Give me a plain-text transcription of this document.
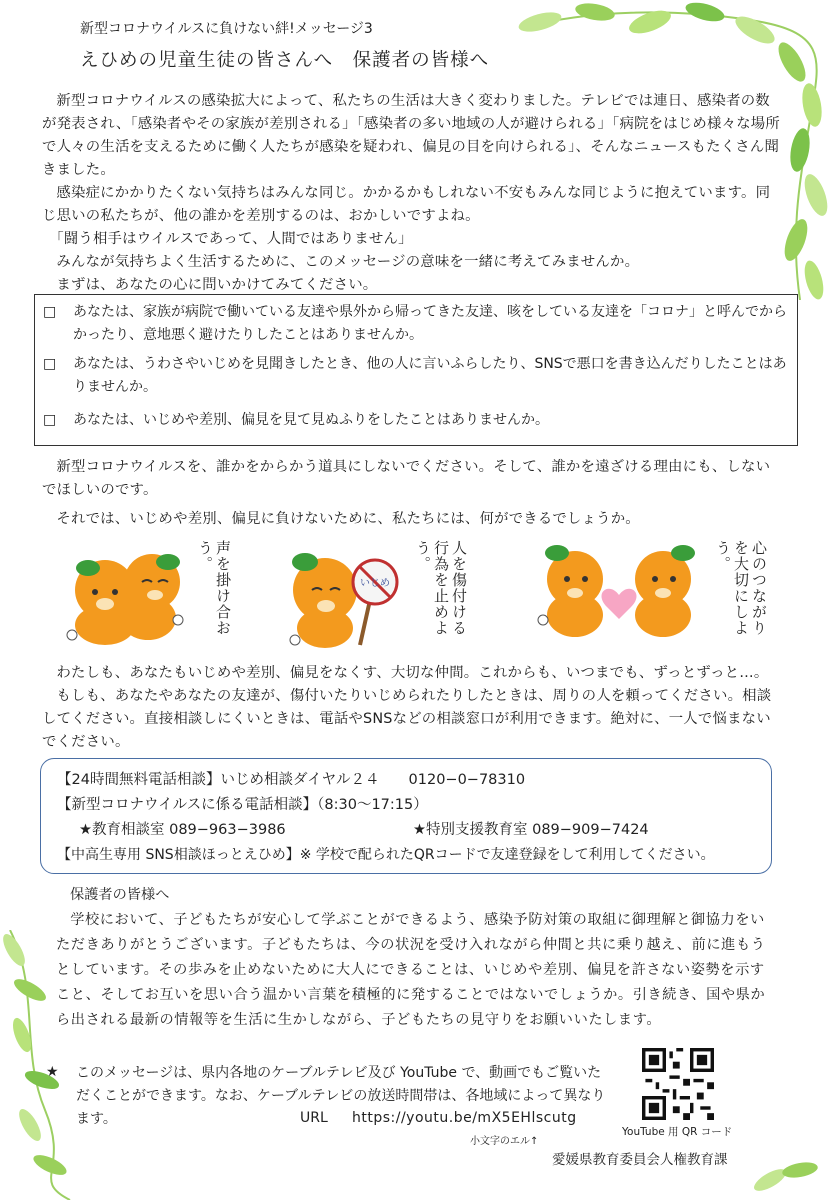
新型コロナウイルスに負けない絆!メッセージ3
えひめの児童生徒の皆さんへ　保護者の皆様へ

新型コロナウイルスの感染拡大によって、私たちの生活は大きく変わりました。テレビでは連日、感染者の数が発表され、「感染者やその家族が差別される」「感染者の多い地域の人が避けられる」「病院をはじめ様々な場所で人々の生活を支えるために働く人たちが感染を疑われ、偏見の目を向けられる」、そんなニュースもたくさん聞きました。

感染症にかかりたくない気持ちはみんな同じ。かかるかもしれない不安もみんな同じように抱えています。同じ思いの私たちが、他の誰かを差別するのは、おかしいですよね。

「闘う相手はウイルスであって、人間ではありません」

みんなが気持ちよく生活するために、このメッセージの意味を一緒に考えてみませんか。

まずは、あなたの心に問いかけてみてください。

□	あなたは、家族が病院で働いている友達や県外から帰ってきた友達、咳をしている友達を「コロナ」と呼んでからかったり、意地悪く避けたりしたことはありませんか。
□	あなたは、うわさやいじめを見聞きしたとき、他の人に言いふらしたり、SNSで悪口を書き込んだりしたことはありませんか。
□	あなたは、いじめや差別、偏見を見て見ぬふりをしたことはありませんか。

新型コロナウイルスを、誰かをからかう道具にしないでください。そして、誰かを遠ざける理由にも、しないでほしいのです。

それでは、いじめや差別、偏見に負けないために、私たちには、何ができるでしょうか。

声を掛け合おう。
いじめ	人を傷付ける行為を止めよう。	心のつながりを大切にしよう。

わたしも、あなたもいじめや差別、偏見をなくす、大切な仲間。これからも、いつまでも、ずっとずっと…。

もしも、あなたやあなたの友達が、傷付いたりいじめられたりしたときは、周りの人を頼ってください。相談してください。直接相談しにくいときは、電話やSNSなどの相談窓口が利用できます。絶対に、一人で悩まないでください。

【24時間無料電話相談】いじめ相談ダイヤル２４　　0120−0−78310
【新型コロナウイルスに係る電話相談】（8:30〜17:15）
★教育相談室 089−963−3986	★特別支援教育室 089−909−7424
【中高生専用 SNS相談ほっとえひめ】※ 学校で配られたQRコードで友達登録をして利用してください。
保護者の皆様へ
学校において、子どもたちが安心して学ぶことができるよう、感染予防対策の取組に御理解と御協力をいただきありがとうございます。子どもたちは、今の状況を受け入れながら仲間と共に乗り越え、前に進もうとしています。その歩みを止めないために大人にできることは、いじめや差別、偏見を許さない姿勢を示すこと、そしてお互いを思い合う温かい言葉を積極的に発することではないでしょうか。引き続き、国や県から出される最新の情報等を生活に生かしながら、子どもたちの見守りをお願いいたします。
★ このメッセージは、県内各地のケーブルテレビ及び YouTube で、動画でもご覧いただくことができます。なお、ケーブルテレビの放送時間帯は、各地域によって異なります。	URL https://youtu.be/mX5EHlscutg
小文字のエル↑
YouTube 用 QR コード
愛媛県教育委員会人権教育課
